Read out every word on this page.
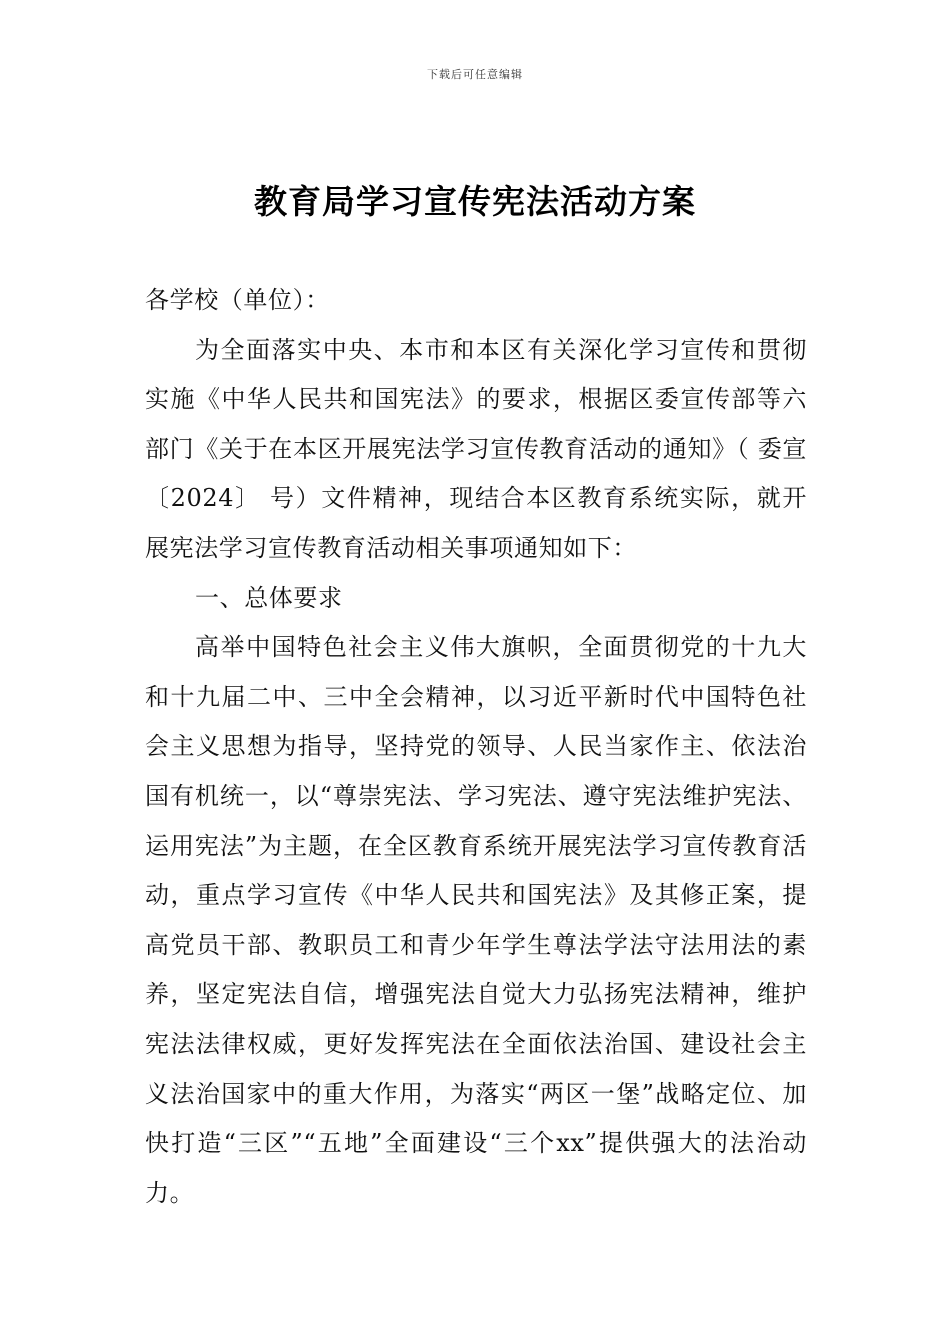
下载后可任意编辑
教育局学习宣传宪法活动方案

各学校（单位）：

为全面落实中央、本市和本区有关深化学习宣传和贯彻实施《中华人民共和国宪法》的要求，根据区委宣传部等六部门《关于在本区开展宪法学习宣传教育活动的通知》（ 委宣〔2024〕 号）文件精神，现结合本区教育系统实际，就开展宪法学习宣传教育活动相关事项通知如下：

一、总体要求

高举中国特色社会主义伟大旗帜，全面贯彻党的十九大和十九届二中、三中全会精神，以习近平新时代中国特色社会主义思想为指导，坚持党的领导、人民当家作主、依法治国有机统一，以“尊崇宪法、学习宪法、遵守宪法维护宪法、运用宪法”为主题，在全区教育系统开展宪法学习宣传教育活动，重点学习宣传《中华人民共和国宪法》及其修正案，提高党员干部、教职员工和青少年学生尊法学法守法用法的素养，坚定宪法自信，增强宪法自觉大力弘扬宪法精神，维护宪法法律权威，更好发挥宪法在全面依法治国、建设社会主义法治国家中的重大作用，为落实“两区一堡”战略定位、加快打造“三区”“五地”全面建设“三个xx”提供强大的法治动力。
